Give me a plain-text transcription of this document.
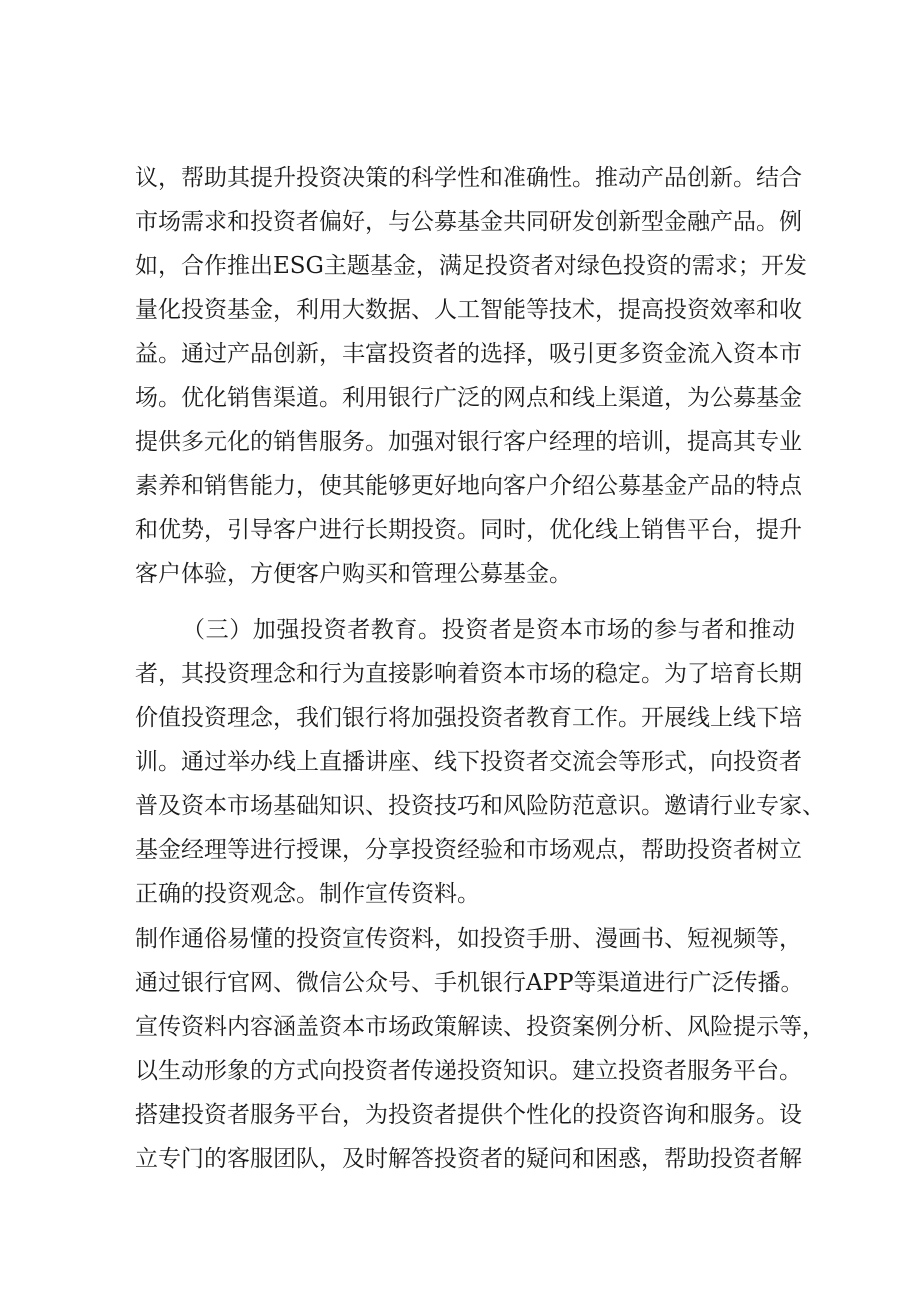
议，帮助其提升投资决策的科学性和准确性。推动产品创新。结合
市场需求和投资者偏好，与公募基金共同研发创新型金融产品。例
如，合作推出ESG主题基金，满足投资者对绿色投资的需求；开发
量化投资基金，利用大数据、人工智能等技术，提高投资效率和收
益。通过产品创新，丰富投资者的选择，吸引更多资金流入资本市
场。优化销售渠道。利用银行广泛的网点和线上渠道，为公募基金
提供多元化的销售服务。加强对银行客户经理的培训，提高其专业
素养和销售能力，使其能够更好地向客户介绍公募基金产品的特点
和优势，引导客户进行长期投资。同时，优化线上销售平台，提升
客户体验，方便客户购买和管理公募基金。
（三）加强投资者教育。投资者是资本市场的参与者和推动
者，其投资理念和行为直接影响着资本市场的稳定。为了培育长期
价值投资理念，我们银行将加强投资者教育工作。开展线上线下培
训。通过举办线上直播讲座、线下投资者交流会等形式，向投资者
普及资本市场基础知识、投资技巧和风险防范意识。邀请行业专家、
基金经理等进行授课，分享投资经验和市场观点，帮助投资者树立
正确的投资观念。制作宣传资料。
制作通俗易懂的投资宣传资料，如投资手册、漫画书、短视频等，
通过银行官网、微信公众号、手机银行APP等渠道进行广泛传播。
宣传资料内容涵盖资本市场政策解读、投资案例分析、风险提示等，
以生动形象的方式向投资者传递投资知识。建立投资者服务平台。
搭建投资者服务平台，为投资者提供个性化的投资咨询和服务。设
立专门的客服团队，及时解答投资者的疑问和困惑，帮助投资者解
